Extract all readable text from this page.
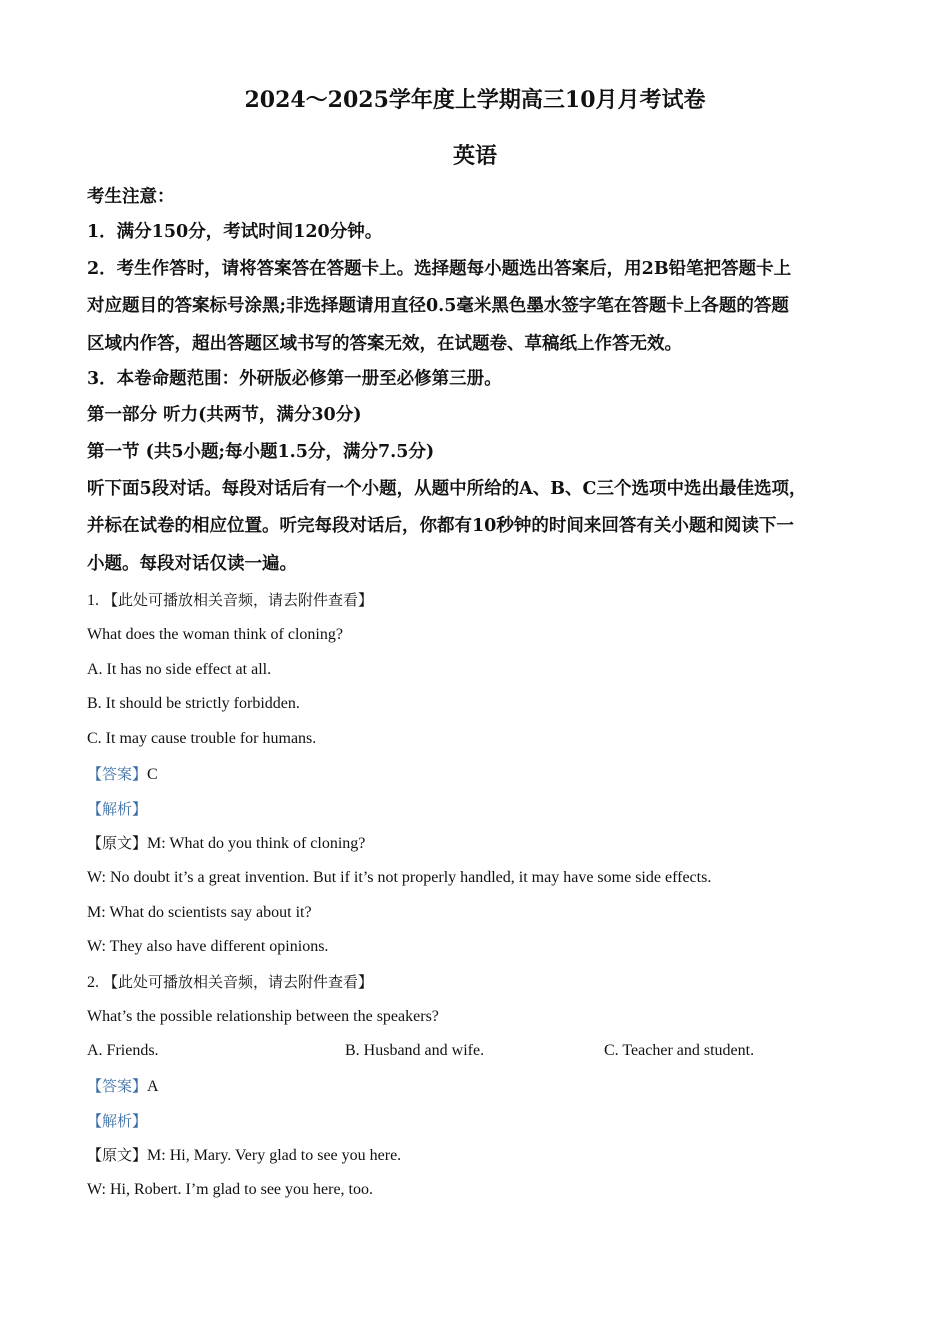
2024～2025学年度上学期高三10月月考试卷
英语
考生注意：
1．满分150分，考试时间120分钟。
2．考生作答时，请将答案答在答题卡上。选择题每小题选出答案后，用2B铅笔把答题卡上
对应题目的答案标号涂黑;非选择题请用直径0.5毫米黑色墨水签字笔在答题卡上各题的答题
区域内作答，超出答题区域书写的答案无效，在试题卷、草稿纸上作答无效。
3．本卷命题范围：外研版必修第一册至必修第三册。
第一部分 听力(共两节，满分30分)
第一节 (共5小题;每小题1.5分，满分7.5分)
听下面5段对话。每段对话后有一个小题，从题中所给的A、B、C三个选项中选出最佳选项，
并标在试卷的相应位置。听完每段对话后，你都有10秒钟的时间来回答有关小题和阅读下一
小题。每段对话仅读一遍。
1. 【此处可播放相关音频，请去附件查看】
What does the woman think of cloning?
A. It has no side effect at all.
B. It should be strictly forbidden.
C. It may cause trouble for humans.
【答案】C
【解析】
【原文】M: What do you think of cloning?
W: No doubt it’s a great invention. But if it’s not properly handled, it may have some side effects.
M: What do scientists say about it?
W: They also have different opinions.
2. 【此处可播放相关音频，请去附件查看】
What’s the possible relationship between the speakers?
A. Friends.	B. Husband and wife.	C. Teacher and student.
【答案】A
【解析】
【原文】M: Hi, Mary. Very glad to see you here.
W: Hi, Robert. I’m glad to see you here, too.
